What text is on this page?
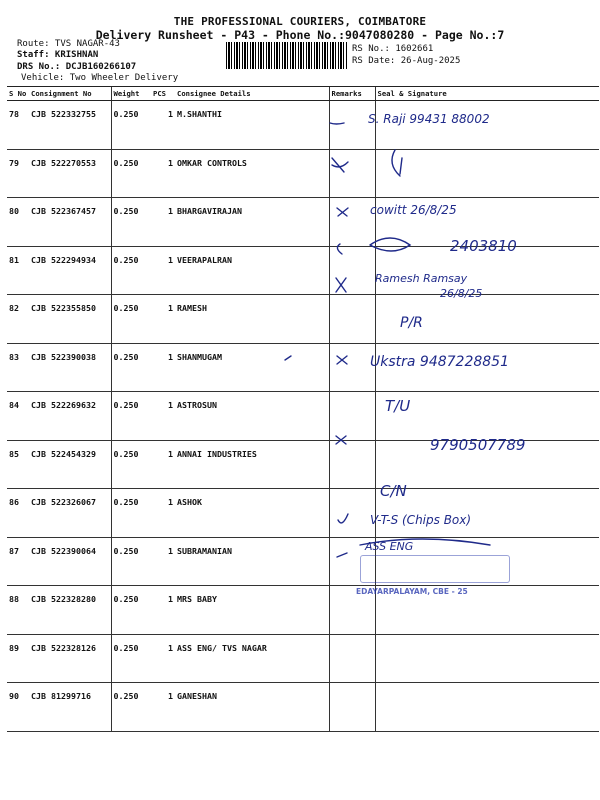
THE PROFESSIONAL COURIERS, COIMBATORE
Delivery Runsheet - P43 - Phone No.:9047080280 - Page No.:7
Route: TVS NAGAR-43
Staff: KRISHNAN
DRS No.: DCJB160266107
Vehicle: Two Wheeler Delivery
RS No.: 1602661
RS Date: 26-Aug-2025
S No	Consignment No	Weight	PCS	Consignee Details	Remarks	Seal & Signature
78	CJB 522332755	0.250	1	M.SHANTHI		
79	CJB 522270553	0.250	1	OMKAR CONTROLS		
80	CJB 522367457	0.250	1	BHARGAVIRAJAN		
81	CJB 522294934	0.250	1	VEERAPALRAN		
82	CJB 522355850	0.250	1	RAMESH		
83	CJB 522390038	0.250	1	SHANMUGAM		
84	CJB 522269632	0.250	1	ASTROSUN		
85	CJB 522454329	0.250	1	ANNAI INDUSTRIES		
86	CJB 522326067	0.250	1	ASHOK		
87	CJB 522390064	0.250	1	SUBRAMANIAN		
88	CJB 522328280	0.250	1	MRS BABY		
89	CJB 522328126	0.250	1	ASS ENG/ TVS NAGAR		
90	CJB 81299716	0.250	1	GANESHAN		
S. Raji 99431 88002
cowitt 26/8/25
2403810
Ramesh Ramsay
26/8/25
P/R
Ukstra 9487228851
T/U
9790507789
C/N
V-T-S (Chips Box)
ASS ENG
EDAYARPALAYAM, CBE - 25
